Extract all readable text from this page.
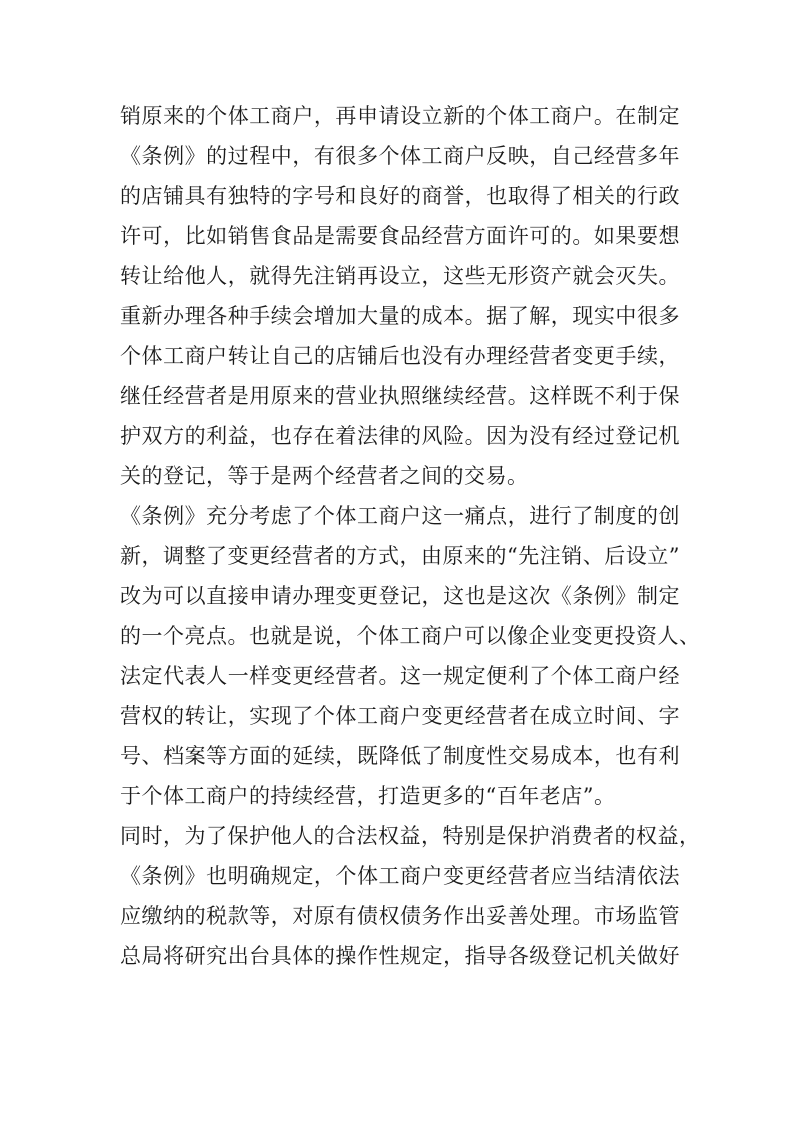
销原来的个体工商户，再申请设立新的个体工商户。在制定
《条例》的过程中，有很多个体工商户反映，自己经营多年
的店铺具有独特的字号和良好的商誉，也取得了相关的行政
许可，比如销售食品是需要食品经营方面许可的。如果要想
转让给他人，就得先注销再设立，这些无形资产就会灭失。
重新办理各种手续会增加大量的成本。据了解，现实中很多
个体工商户转让自己的店铺后也没有办理经营者变更手续，
继任经营者是用原来的营业执照继续经营。这样既不利于保
护双方的利益，也存在着法律的风险。因为没有经过登记机
关的登记，等于是两个经营者之间的交易。
《条例》充分考虑了个体工商户这一痛点，进行了制度的创
新，调整了变更经营者的方式，由原来的“先注销、后设立”
改为可以直接申请办理变更登记，这也是这次《条例》制定
的一个亮点。也就是说，个体工商户可以像企业变更投资人、
法定代表人一样变更经营者。这一规定便利了个体工商户经
营权的转让，实现了个体工商户变更经营者在成立时间、字
号、档案等方面的延续，既降低了制度性交易成本，也有利
于个体工商户的持续经营，打造更多的“百年老店”。
同时，为了保护他人的合法权益，特别是保护消费者的权益，
《条例》也明确规定，个体工商户变更经营者应当结清依法
应缴纳的税款等，对原有债权债务作出妥善处理。市场监管
总局将研究出台具体的操作性规定，指导各级登记机关做好
